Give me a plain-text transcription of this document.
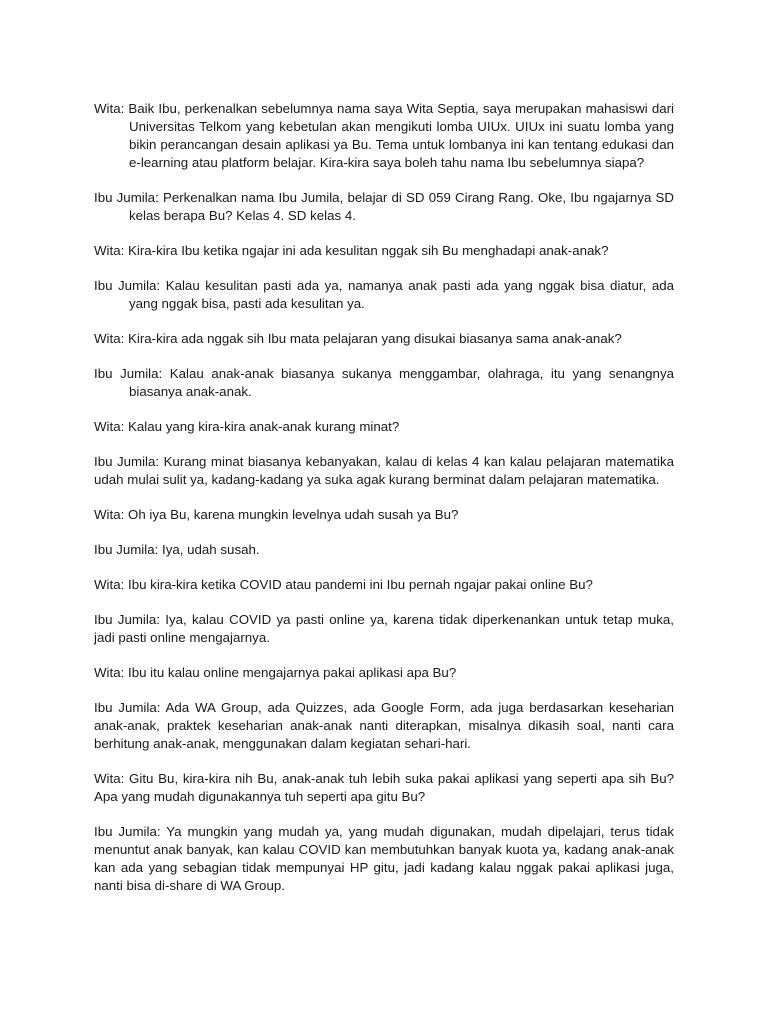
Wita: Baik Ibu, perkenalkan sebelumnya nama saya Wita Septia, saya merupakan mahasiswi dari Universitas Telkom yang kebetulan akan mengikuti lomba UIUx. UIUx ini suatu lomba yang bikin perancangan desain aplikasi ya Bu. Tema untuk lombanya ini kan tentang edukasi dan e-learning atau platform belajar. Kira-kira saya boleh tahu nama Ibu sebelumnya siapa?

Ibu Jumila: Perkenalkan nama Ibu Jumila, belajar di SD 059 Cirang Rang. Oke, Ibu ngajarnya SD kelas berapa Bu? Kelas 4. SD kelas 4.

Wita: Kira-kira Ibu ketika ngajar ini ada kesulitan nggak sih Bu menghadapi anak-anak?

Ibu Jumila: Kalau kesulitan pasti ada ya, namanya anak pasti ada yang nggak bisa diatur, ada yang nggak bisa, pasti ada kesulitan ya.

Wita: Kira-kira ada nggak sih Ibu mata pelajaran yang disukai biasanya sama anak-anak?

Ibu Jumila: Kalau anak-anak biasanya sukanya menggambar, olahraga, itu yang senangnya biasanya anak-anak.

Wita: Kalau yang kira-kira anak-anak kurang minat?

Ibu Jumila: Kurang minat biasanya kebanyakan, kalau di kelas 4 kan kalau pelajaran matematika udah mulai sulit ya, kadang-kadang ya suka agak kurang berminat dalam pelajaran matematika.

Wita: Oh iya Bu, karena mungkin levelnya udah susah ya Bu?

Ibu Jumila: Iya, udah susah.

Wita: Ibu kira-kira ketika COVID atau pandemi ini Ibu pernah ngajar pakai online Bu?

Ibu Jumila: Iya, kalau COVID ya pasti online ya, karena tidak diperkenankan untuk tetap muka, jadi pasti online mengajarnya.

Wita: Ibu itu kalau online mengajarnya pakai aplikasi apa Bu?

Ibu Jumila: Ada WA Group, ada Quizzes, ada Google Form, ada juga berdasarkan keseharian anak-anak, praktek keseharian anak-anak nanti diterapkan, misalnya dikasih soal, nanti cara berhitung anak-anak, menggunakan dalam kegiatan sehari-hari.

Wita: Gitu Bu, kira-kira nih Bu, anak-anak tuh lebih suka pakai aplikasi yang seperti apa sih Bu? Apa yang mudah digunakannya tuh seperti apa gitu Bu?

Ibu Jumila: Ya mungkin yang mudah ya, yang mudah digunakan, mudah dipelajari, terus tidak menuntut anak banyak, kan kalau COVID kan membutuhkan banyak kuota ya, kadang anak-anak kan ada yang sebagian tidak mempunyai HP gitu, jadi kadang kalau nggak pakai aplikasi juga, nanti bisa di-share di WA Group.
